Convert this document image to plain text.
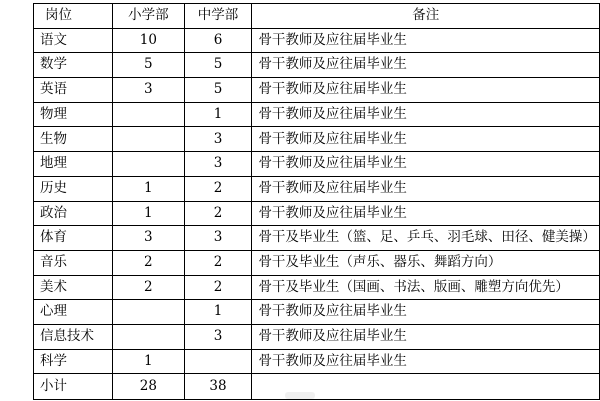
岗位	小学部	中学部	备注
语文	10	6	骨干教师及应往届毕业生
数学	5	5	骨干教师及应往届毕业生
英语	3	5	骨干教师及应往届毕业生
物理		1	骨干教师及应往届毕业生
生物		3	骨干教师及应往届毕业生
地理		3	骨干教师及应往届毕业生
历史	1	2	骨干教师及应往届毕业生
政治	1	2	骨干教师及应往届毕业生
体育	3	3	骨干及毕业生（篮、足、乒乓、羽毛球、田径、健美操）
音乐	2	2	骨干及毕业生（声乐、器乐、舞蹈方向）
美术	2	2	骨干及毕业生（国画、书法、版画、雕塑方向优先）
心理		1	骨干教师及应往届毕业生
信息技术		3	骨干教师及应往届毕业生
科学	1		骨干教师及应往届毕业生
小计	28	38	
